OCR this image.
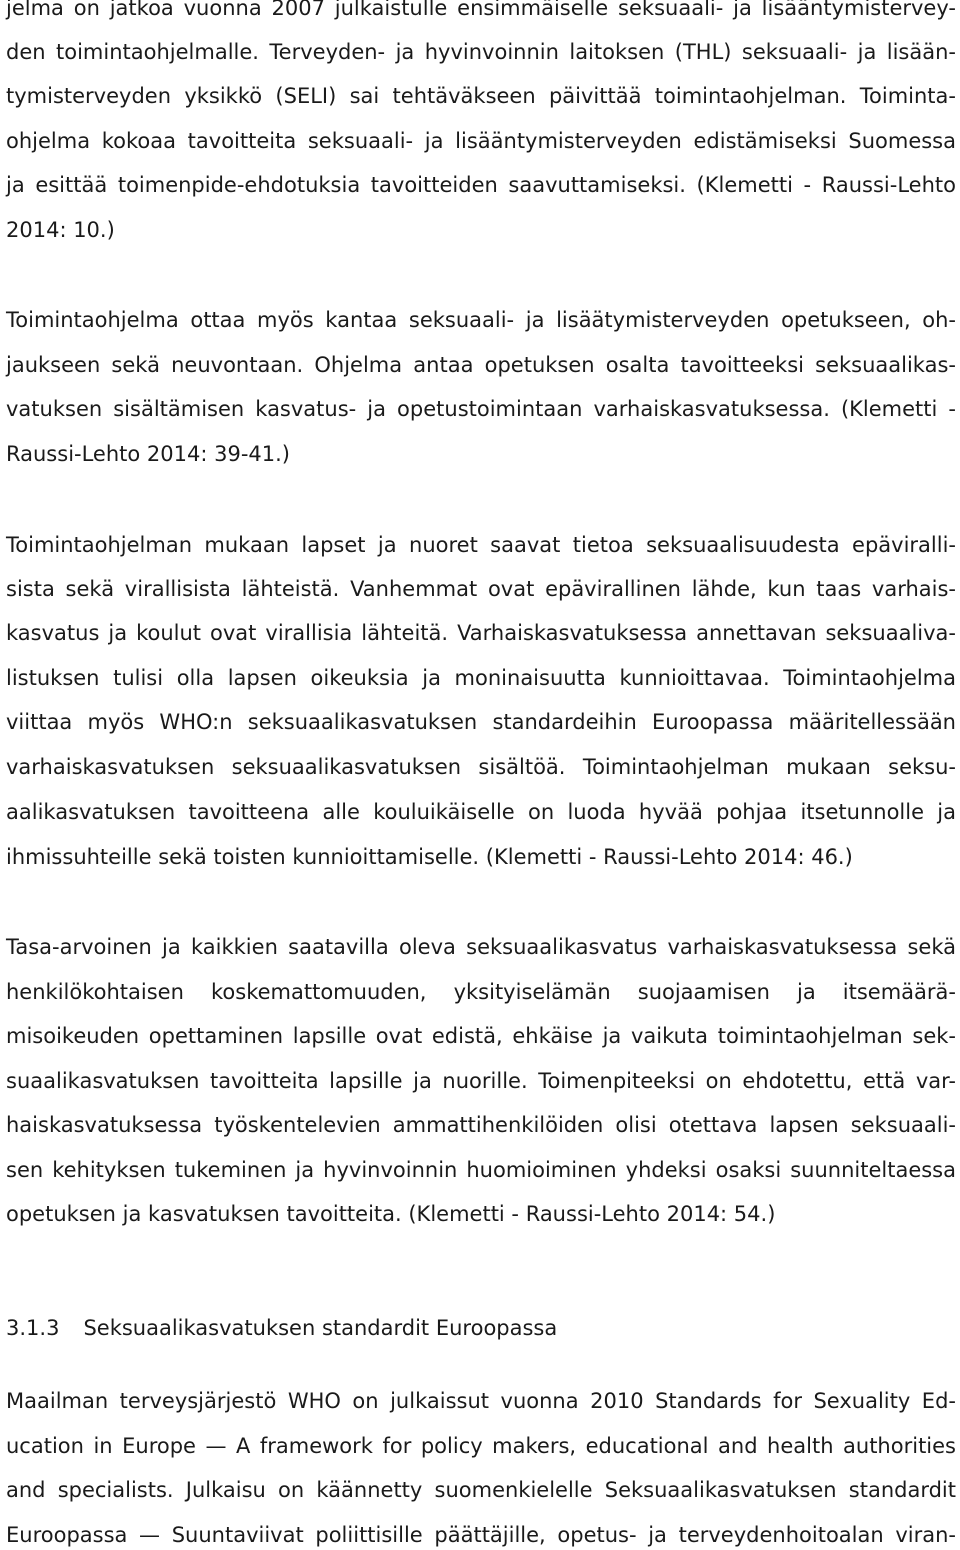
jelma on jatkoa vuonna 2007 julkaistulle ensimmäiselle seksuaali- ja lisääntymistervey-

den toimintaohjelmalle. Terveyden- ja hyvinvoinnin laitoksen (THL) seksuaali- ja lisään-

tymisterveyden yksikkö (SELI) sai tehtäväkseen päivittää toimintaohjelman. Toiminta-

ohjelma kokoaa tavoitteita seksuaali- ja lisääntymisterveyden edistämiseksi Suomessa

ja esittää toimenpide-ehdotuksia tavoitteiden saavuttamiseksi. (Klemetti - Raussi-Lehto

2014: 10.)

Toimintaohjelma ottaa myös kantaa seksuaali- ja lisäätymisterveyden opetukseen, oh-

jaukseen sekä neuvontaan. Ohjelma antaa opetuksen osalta tavoitteeksi seksuaalikas-

vatuksen sisältämisen kasvatus- ja opetustoimintaan varhaiskasvatuksessa. (Klemetti -

Raussi-Lehto 2014: 39-41.)

Toimintaohjelman mukaan lapset ja nuoret saavat tietoa seksuaalisuudesta epäviralli-

sista sekä virallisista lähteistä. Vanhemmat ovat epävirallinen lähde, kun taas varhais-

kasvatus ja koulut ovat virallisia lähteitä. Varhaiskasvatuksessa annettavan seksuaaliva-

listuksen tulisi olla lapsen oikeuksia ja moninaisuutta kunnioittavaa. Toimintaohjelma

viittaa myös WHO:n seksuaalikasvatuksen standardeihin Euroopassa määritellessään

varhaiskasvatuksen seksuaalikasvatuksen sisältöä. Toimintaohjelman mukaan seksu-

aalikasvatuksen tavoitteena alle kouluikäiselle on luoda hyvää pohjaa itsetunnolle ja

ihmissuhteille sekä toisten kunnioittamiselle. (Klemetti - Raussi-Lehto 2014: 46.)

Tasa-arvoinen ja kaikkien saatavilla oleva seksuaalikasvatus varhaiskasvatuksessa sekä

henkilökohtaisen koskemattomuuden, yksityiselämän suojaamisen ja itsemäärä-

misoikeuden opettaminen lapsille ovat edistä, ehkäise ja vaikuta toimintaohjelman sek-

suaalikasvatuksen tavoitteita lapsille ja nuorille. Toimenpiteeksi on ehdotettu, että var-

haiskasvatuksessa työskentelevien ammattihenkilöiden olisi otettava lapsen seksuaali-

sen kehityksen tukeminen ja hyvinvoinnin huomioiminen yhdeksi osaksi suunniteltaessa

opetuksen ja kasvatuksen tavoitteita. (Klemetti - Raussi-Lehto 2014: 54.)

3.1.3 Seksuaalikasvatuksen standardit Euroopassa

Maailman terveysjärjestö WHO on julkaissut vuonna 2010 Standards for Sexuality Ed-

ucation in Europe — A framework for policy makers, educational and health authorities

and specialists. Julkaisu on käännetty suomenkielelle Seksuaalikasvatuksen standardit

Euroopassa — Suuntaviivat poliittisille päättäjille, opetus- ja terveydenhoitoalan viran-
